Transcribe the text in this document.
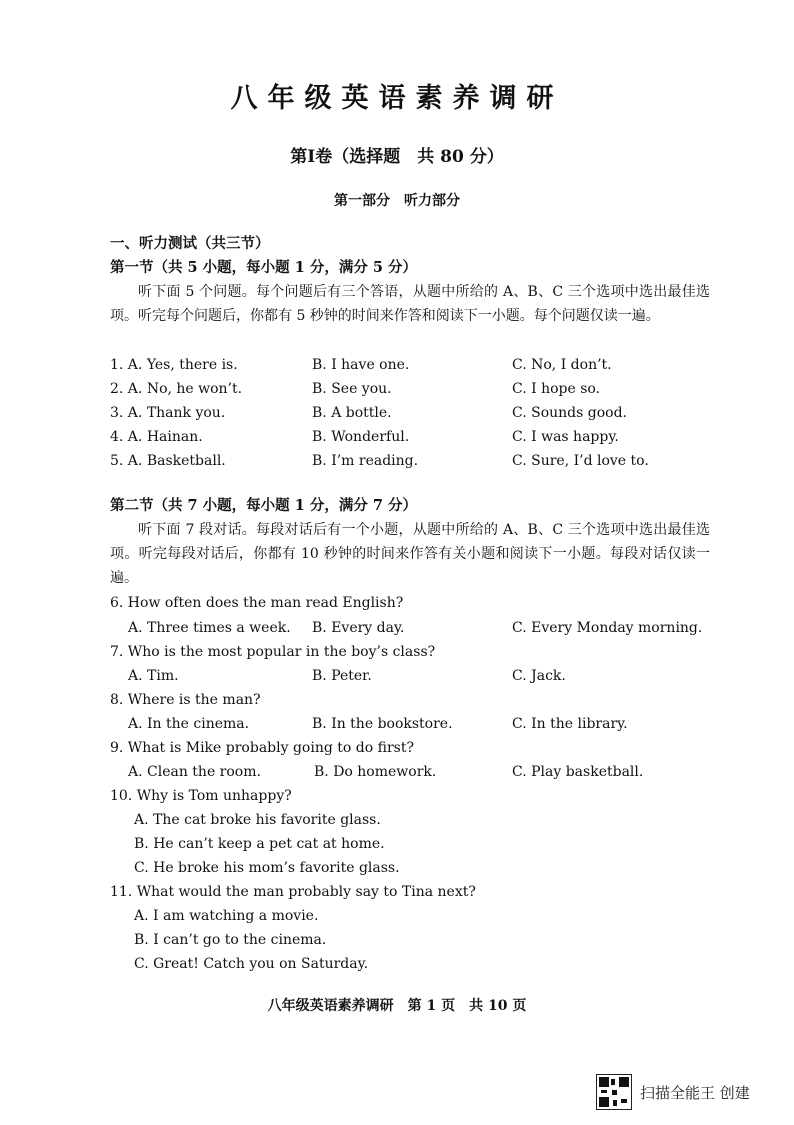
八年级英语素养调研
第Ⅰ卷（选择题　共 80 分）
第一部分　听力部分
一、听力测试（共三节）
第一节（共 5 小题，每小题 1 分，满分 5 分）
听下面 5 个问题。每个问题后有三个答语，从题中所给的 A、B、C 三个选项中选出最佳选项。听完每个问题后，你都有 5 秒钟的时间来作答和阅读下一小题。每个问题仅读一遍。
1. A. Yes, there is.	B. I have one.	C. No, I don’t.
2. A. No, he won’t.	B. See you.	C. I hope so.
3. A. Thank you.	B. A bottle.	C. Sounds good.
4. A. Hainan.	B. Wonderful.	C. I was happy.
5. A. Basketball.	B. I’m reading.	C. Sure, I’d love to.
第二节（共 7 小题，每小题 1 分，满分 7 分）
听下面 7 段对话。每段对话后有一个小题，从题中所给的 A、B、C 三个选项中选出最佳选项。听完每段对话后，你都有 10 秒钟的时间来作答有关小题和阅读下一小题。每段对话仅读一遍。
6. How often does the man read English?
A. Three times a week. B. Every day.	C. Every Monday morning.
7. Who is the most popular in the boy’s class?
A. Tim.	B. Peter.	C. Jack.
8. Where is the man?
A. In the cinema.	B. In the bookstore.	C. In the library.
9. What is Mike probably going to do first?
A. Clean the room.	B. Do homework.	C. Play basketball.
10. Why is Tom unhappy?
A. The cat broke his favorite glass.
B. He can’t keep a pet cat at home.
C. He broke his mom’s favorite glass.
11. What would the man probably say to Tina next?
A. I am watching a movie.
B. I can’t go to the cinema.
C. Great! Catch you on Saturday.
八年级英语素养调研　第 1 页　共 10 页
扫描全能王 创建
